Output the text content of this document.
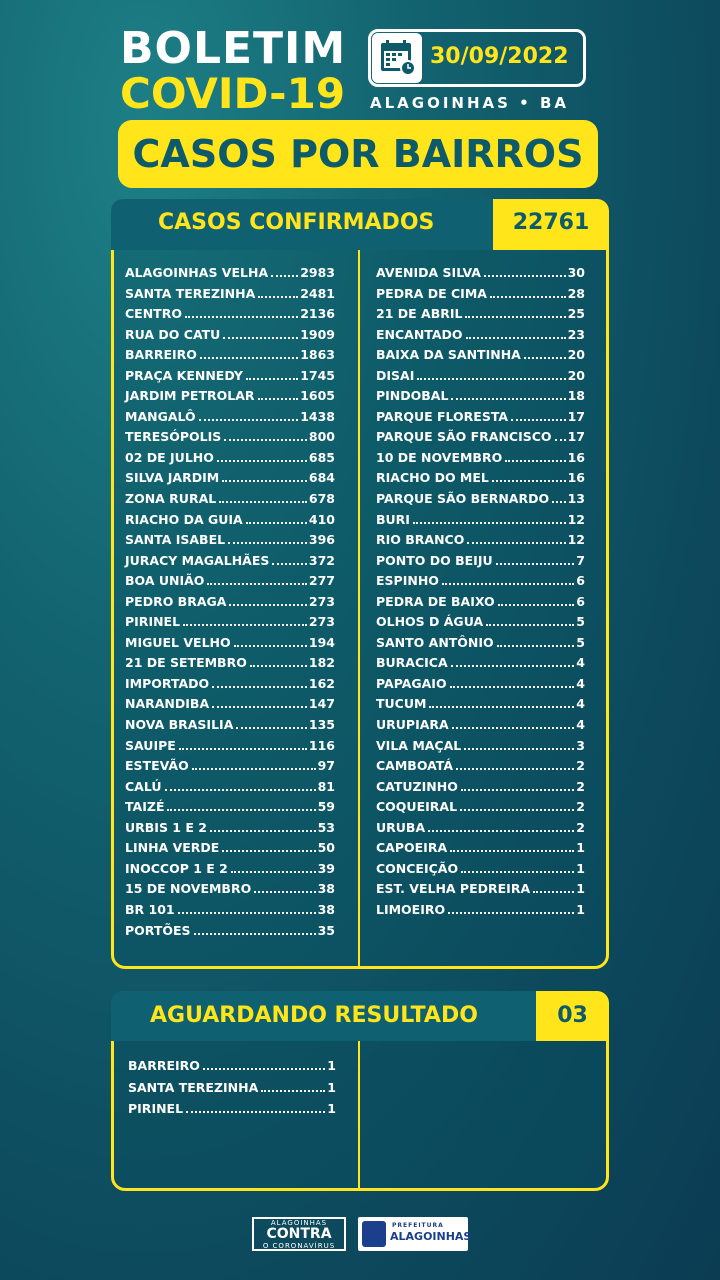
BOLETIM
COVID-19
30/09/2022
ALAGOINHAS • BA
CASOS POR BAIRROS
CASOS CONFIRMADOS	22761
ALAGOINHAS VELHA	2983
SANTA TEREZINHA	2481
CENTRO	2136
RUA DO CATU	1909
BARREIRO	1863
PRAÇA KENNEDY	1745
JARDIM PETROLAR	1605
MANGALÔ	1438
TERESÓPOLIS	800
02 DE JULHO	685
SILVA JARDIM	684
ZONA RURAL	678
RIACHO DA GUIA	410
SANTA ISABEL	396
JURACY MAGALHÃES	372
BOA UNIÃO	277
PEDRO BRAGA	273
PIRINEL	273
MIGUEL VELHO	194
21 DE SETEMBRO	182
IMPORTADO	162
NARANDIBA	147
NOVA BRASILIA	135
SAUIPE	116
ESTEVÃO	97
CALÚ	81
TAIZÉ	59
URBIS 1 E 2	53
LINHA VERDE	50
INOCCOP 1 E 2	39
15 DE NOVEMBRO	38
BR 101	38
PORTÕES	35
AVENIDA SILVA	30
PEDRA DE CIMA	28
21 DE ABRIL	25
ENCANTADO	23
BAIXA DA SANTINHA	20
DISAI	20
PINDOBAL	18
PARQUE FLORESTA	17
PARQUE SÃO FRANCISCO 17
10 DE NOVEMBRO	16
RIACHO DO MEL	16
PARQUE SÃO BERNARDO 13
BURI	12
RIO BRANCO	12
PONTO DO BEIJU	7
ESPINHO	6
PEDRA DE BAIXO	6
OLHOS D ÁGUA	5
SANTO ANTÔNIO	5
BURACICA	4
PAPAGAIO	4
TUCUM	4
URUPIARA	4
VILA MAÇAL	3
CAMBOATÁ	2
CATUZINHO	2
COQUEIRAL	2
URUBA	2
CAPOEIRA	1
CONCEIÇÃO	1
EST. VELHA PEDREIRA	1
LIMOEIRO	1
AGUARDANDO RESULTADO	03
BARREIRO	1
SANTA TEREZINHA	1
PIRINEL	1
ALAGOINHAS
CONTRA
O CORONAVÍRUS
PREFEITURA
ALAGOINHAS
